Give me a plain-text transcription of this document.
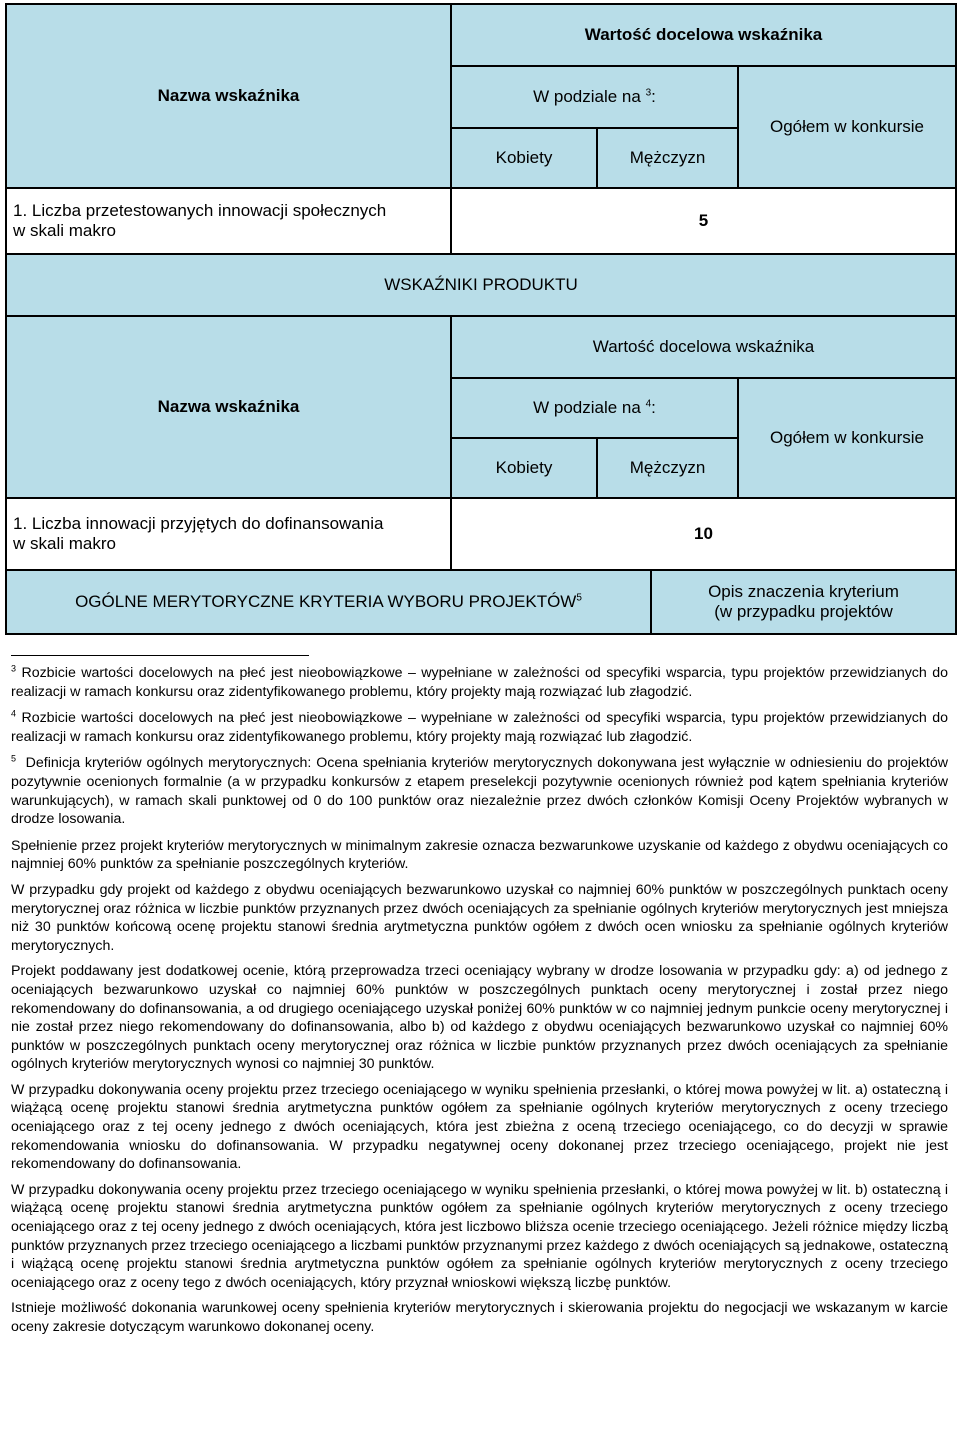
Nazwa wskaźnika	Wartość docelowa wskaźnika		
	W podziale na $^3$:		Ogółem w konkursie
	Kobiety	Mężczyzn	

1. Liczba przetestowanych innowacji społecznych
w skali makro	5		
WSKAŹNIKI PRODUKTU			
Nazwa wskaźnika	Wartość docelowa wskaźnika		
	W podziale na $^4$:		Ogółem w konkursie
	Kobiety	Mężczyzn	

1. Liczba innowacji przyjętych do dofinansowania
w skali makro	10		
OGÓLNE MERYTORYCZNE KRYTERIA WYBORU PROJEKTÓW$^5$	Opis znaczenia kryterium
(w przypadku projektów

$^3$ Rozbicie wartości docelowych na płeć jest nieobowiązkowe – wypełniane w zależności od specyfiki wsparcia, typu projektów przewidzianych do realizacji w ramach konkursu oraz zidentyfikowanego problemu, który projekty mają rozwiązać lub złagodzić.

$^4$ Rozbicie wartości docelowych na płeć jest nieobowiązkowe – wypełniane w zależności od specyfiki wsparcia, typu projektów przewidzianych do realizacji w ramach konkursu oraz zidentyfikowanego problemu, który projekty mają rozwiązać lub złagodzić.

$^5$ Definicja kryteriów ogólnych merytorycznych: Ocena spełniania kryteriów merytorycznych dokonywana jest wyłącznie w odniesieniu do projektów pozytywnie ocenionych formalnie (a w przypadku konkursów z etapem preselekcji pozytywnie ocenionych również pod kątem spełniania kryteriów warunkujących), w ramach skali punktowej od 0 do 100 punktów oraz niezależnie przez dwóch członków Komisji Oceny Projektów wybranych w drodze losowania.

Spełnienie przez projekt kryteriów merytorycznych w minimalnym zakresie oznacza bezwarunkowe uzyskanie od każdego z obydwu oceniających co najmniej 60% punktów za spełnianie poszczególnych kryteriów.

W przypadku gdy projekt od każdego z obydwu oceniających bezwarunkowo uzyskał co najmniej 60% punktów w poszczególnych punktach oceny merytorycznej oraz różnica w liczbie punktów przyznanych przez dwóch oceniających za spełnianie ogólnych kryteriów merytorycznych jest mniejsza niż 30 punktów końcową ocenę projektu stanowi średnia arytmetyczna punktów ogółem z dwóch ocen wniosku za spełnianie ogólnych kryteriów merytorycznych.

Projekt poddawany jest dodatkowej ocenie, którą przeprowadza trzeci oceniający wybrany w drodze losowania w przypadku gdy: a) od jednego z oceniających bezwarunkowo uzyskał co najmniej 60% punktów w poszczególnych punktach oceny merytorycznej i został przez niego rekomendowany do dofinansowania, a od drugiego oceniającego uzyskał poniżej 60% punktów w co najmniej jednym punkcie oceny merytorycznej i nie został przez niego rekomendowany do dofinansowania, albo b) od każdego z obydwu oceniających bezwarunkowo uzyskał co najmniej 60% punktów w poszczególnych punktach oceny merytorycznej oraz różnica w liczbie punktów przyznanych przez dwóch oceniających za spełnianie ogólnych kryteriów merytorycznych wynosi co najmniej 30 punktów.

W przypadku dokonywania oceny projektu przez trzeciego oceniającego w wyniku spełnienia przesłanki, o której mowa powyżej w lit. a) ostateczną i wiążącą ocenę projektu stanowi średnia arytmetyczna punktów ogółem za spełnianie ogólnych kryteriów merytorycznych z oceny trzeciego oceniającego oraz z tej oceny jednego z dwóch oceniających, która jest zbieżna z oceną trzeciego oceniającego, co do decyzji w sprawie rekomendowania wniosku do dofinansowania. W przypadku negatywnej oceny dokonanej przez trzeciego oceniającego, projekt nie jest rekomendowany do dofinansowania.

W przypadku dokonywania oceny projektu przez trzeciego oceniającego w wyniku spełnienia przesłanki, o której mowa powyżej w lit. b) ostateczną i wiążącą ocenę projektu stanowi średnia arytmetyczna punktów ogółem za spełnianie ogólnych kryteriów merytorycznych z oceny trzeciego oceniającego oraz z tej oceny jednego z dwóch oceniających, która jest liczbowo bliższa ocenie trzeciego oceniającego. Jeżeli różnice między liczbą punktów przyznanych przez trzeciego oceniającego a liczbami punktów przyznanymi przez każdego z dwóch oceniających są jednakowe, ostateczną i wiążącą ocenę projektu stanowi średnia arytmetyczna punktów ogółem za spełnianie ogólnych kryteriów merytorycznych z oceny trzeciego oceniającego oraz z oceny tego z dwóch oceniających, który przyznał wnioskowi większą liczbę punktów.

Istnieje możliwość dokonania warunkowej oceny spełnienia kryteriów merytorycznych i skierowania projektu do negocjacji we wskazanym w karcie oceny zakresie dotyczącym warunkowo dokonanej oceny.
